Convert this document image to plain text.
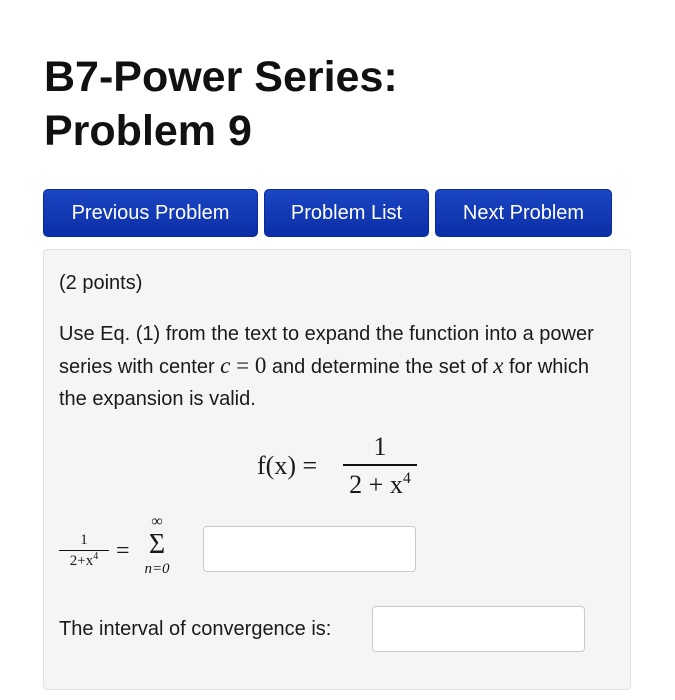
B7-Power Series:
Problem 9
Previous Problem	Problem List	Next Problem
(2 points)
Use Eq. (1) from the text to expand the function into a power series with center c = 0 and determine the set of x for which the expansion is valid.
f(x) =
1
$2 + x^4$
1
$2+x^4$ =
∞
Σ
n=0
The interval of convergence is:
